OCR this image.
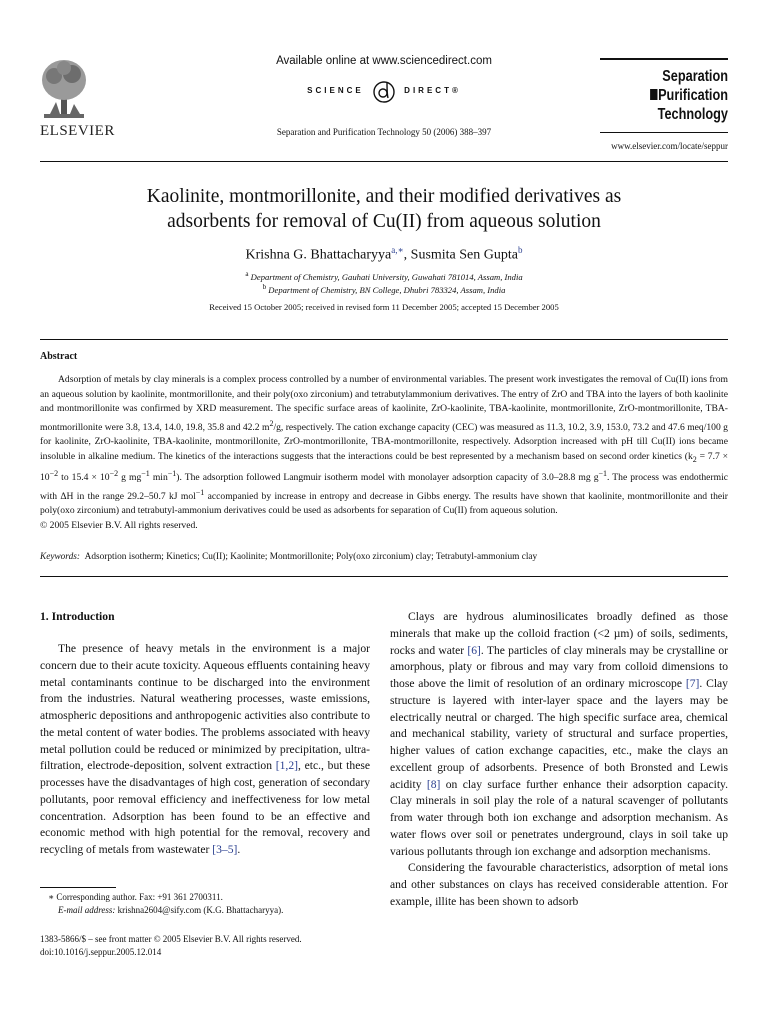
ELSEVIER
Available online at www.sciencedirect.com
SCIENCE	DIRECT®
Separation and Purification Technology 50 (2006) 388–397
Separation
Purification
Technology
www.elsevier.com/locate/seppur
Kaolinite, montmorillonite, and their modified derivatives as
adsorbents for removal of Cu(II) from aqueous solution
Krishna G. Bhattacharyya$^{a,∗}$, Susmita Sen Gupta$^b$
$^a$ Department of Chemistry, Gauhati University, Guwahati 781014, Assam, India
$^b$ Department of Chemistry, BN College, Dhubri 783324, Assam, India
Received 15 October 2005; received in revised form 11 December 2005; accepted 15 December 2005
Abstract

Adsorption of metals by clay minerals is a complex process controlled by a number of environmental variables. The present work investigates the removal of Cu(II) ions from an aqueous solution by kaolinite, montmorillonite, and their poly(oxo zirconium) and tetrabutylammonium derivatives. The entry of ZrO and TBA into the layers of both kaolinite and montmorillonite was confirmed by XRD measurement. The specific surface areas of kaolinite, ZrO-kaolinite, TBA-kaolinite, montmorillonite, ZrO-montmorillonite, TBA-montmorillonite were 3.8, 13.4, 14.0, 19.8, 35.8 and 42.2 $m^2/g$, respectively. The cation exchange capacity (CEC) was measured as 11.3, 10.2, 3.9, 153.0, 73.2 and 47.6 meq/100 g for kaolinite, ZrO-kaolinite, TBA-kaolinite, montmorillonite, ZrO-montmorillonite, TBA-montmorillonite, respectively. Adsorption increased with pH till Cu(II) ions became insoluble in alkaline medium. The kinetics of the interactions suggests that the interactions could be best represented by a mechanism based on second order kinetics ($k_2 = 7.7 \times 10^{-2}$ to $15.4 \times 10^{-2}$ g $mg^{-1}$ $\min^{-1}$). The adsorption followed Langmuir isotherm model with monolayer adsorption capacity of 3.0–28.8 mg $g^{-1}$. The process was endothermic with ΔH in the range 29.2–50.7 kJ mol$^{-1}$ accompanied by increase in entropy and decrease in Gibbs energy. The results have shown that kaolinite, montmorillonite and their poly(oxo zirconium) and tetrabutyl-ammonium derivatives could be used as adsorbents for separation of Cu(II) from aqueous solution.

© 2005 Elsevier B.V. All rights reserved.

Keywords: Adsorption isotherm; Kinetics; Cu(II); Kaolinite; Montmorillonite; Poly(oxo zirconium) clay; Tetrabutyl-ammonium clay
1. Introduction

The presence of heavy metals in the environment is a major concern due to their acute toxicity. Aqueous effluents containing heavy metal contaminants continue to be discharged into the environment from the industries. Natural weathering processes, waste emissions, atmospheric depositions and anthropogenic activities also contribute to the metal content of water bodies. The problems associated with heavy metal pollution could be reduced or minimized by precipitation, ultra-filtration, electrode-deposition, solvent extraction [1,2], etc., but these processes have the disadvantages of high cost, generation of secondary pollutants, poor removal efficiency and ineffectiveness for low metal concentration. Adsorption has been found to be an effective and economic method with high potential for the removal, recovery and recycling of metals from wastewater [3–5].

Clays are hydrous aluminosilicates broadly defined as those minerals that make up the colloid fraction (<2 µm) of soils, sediments, rocks and water [6]. The particles of clay minerals may be crystalline or amorphous, platy or fibrous and may vary from colloid dimensions to those above the limit of resolution of an ordinary microscope [7]. Clay structure is layered with inter-layer space and the layers may be electrically neutral or charged. The high specific surface area, chemical and mechanical stability, variety of structural and surface properties, higher values of cation exchange capacities, etc., make the clays an excellent group of adsorbents. Presence of both Bronsted and Lewis acidity [8] on clay surface further enhance their adsorption capacity. Clay minerals in soil play the role of a natural scavenger of pollutants from water through both ion exchange and adsorption mechanism. As water flows over soil or penetrates underground, clays in soil take up various pollutants through ion exchange and adsorption mechanisms.

Considering the favourable characteristics, adsorption of metal ions and other substances on clays has received considerable attention. For example, illite has been shown to adsorb

∗ Corresponding author. Fax: +91 361 2700311.
E-mail address: krishna2604@sify.com (K.G. Bhattacharyya).
1383-5866/$ – see front matter © 2005 Elsevier B.V. All rights reserved.
doi:10.1016/j.seppur.2005.12.014
